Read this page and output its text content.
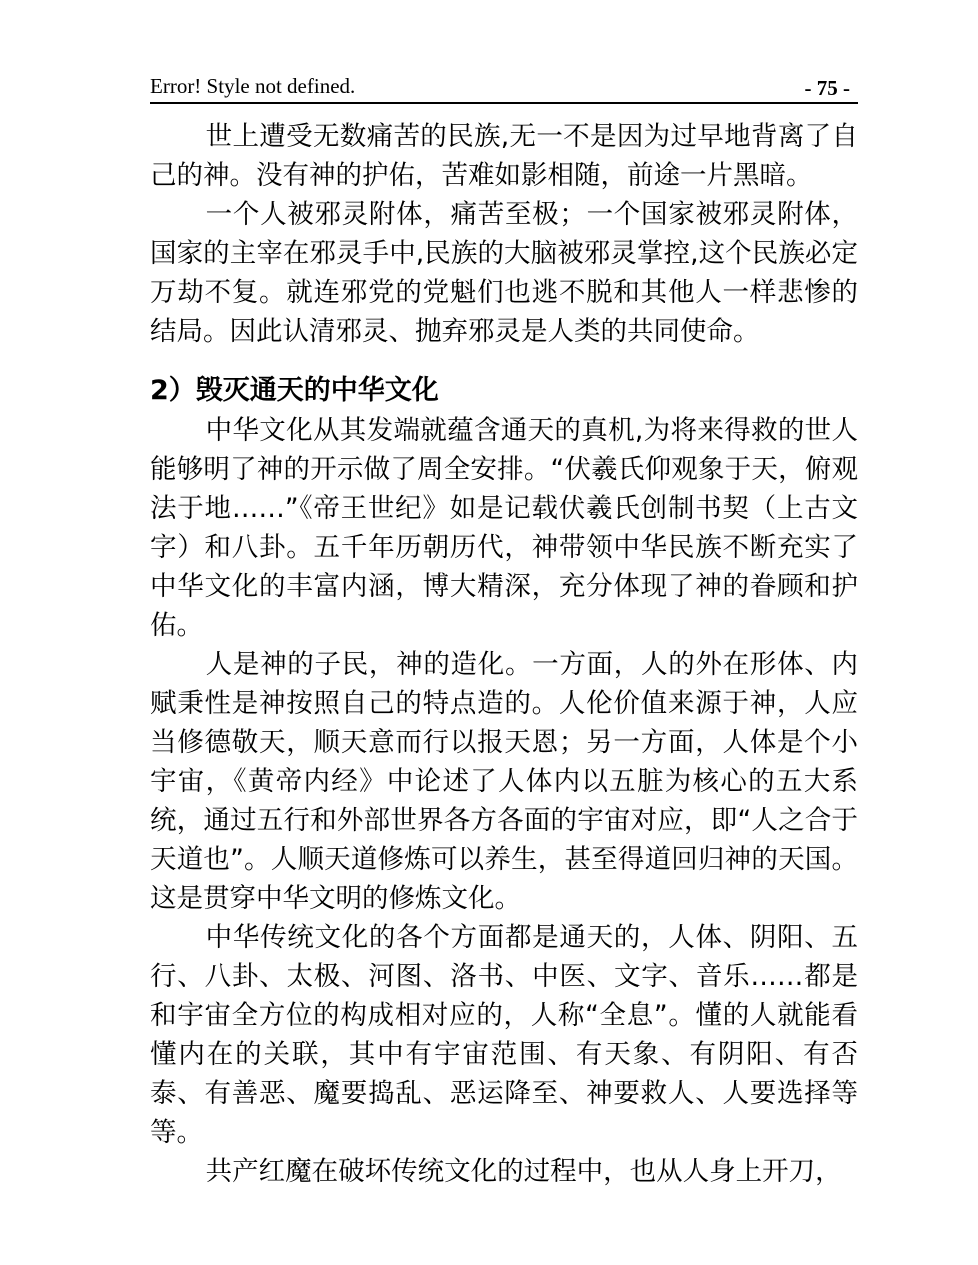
Error! Style not defined.	- 75 -

世上遭受无数痛苦的民族,无一不是因为过早地背离了自己的神。没有神的护佑，苦难如影相随，前途一片黑暗。

一个人被邪灵附体，痛苦至极；一个国家被邪灵附体，国家的主宰在邪灵手中,民族的大脑被邪灵掌控,这个民族必定万劫不复。就连邪党的党魁们也逃不脱和其他人一样悲惨的结局。因此认清邪灵、抛弃邪灵是人类的共同使命。

2）毁灭通天的中华文化

中华文化从其发端就蕴含通天的真机,为将来得救的世人能够明了神的开示做了周全安排。“伏羲氏仰观象于天，俯观法于地……”《帝王世纪》如是记载伏羲氏创制书契（上古文字）和八卦。五千年历朝历代，神带领中华民族不断充实了中华文化的丰富内涵，博大精深，充分体现了神的眷顾和护佑。

人是神的子民，神的造化。一方面，人的外在形体、内赋秉性是神按照自己的特点造的。人伦价值来源于神，人应当修德敬天，顺天意而行以报天恩；另一方面，人体是个小宇宙，《黄帝内经》中论述了人体内以五脏为核心的五大系统，通过五行和外部世界各方各面的宇宙对应，即“人之合于天道也”。人顺天道修炼可以养生，甚至得道回归神的天国。这是贯穿中华文明的修炼文化。

中华传统文化的各个方面都是通天的，人体、阴阳、五行、八卦、太极、河图、洛书、中医、文字、音乐……都是和宇宙全方位的构成相对应的，人称“全息”。懂的人就能看懂内在的关联，其中有宇宙范围、有天象、有阴阳、有否泰、有善恶、魔要捣乱、恶运降至、神要救人、人要选择等等。

共产红魔在破坏传统文化的过程中，也从人身上开刀，
